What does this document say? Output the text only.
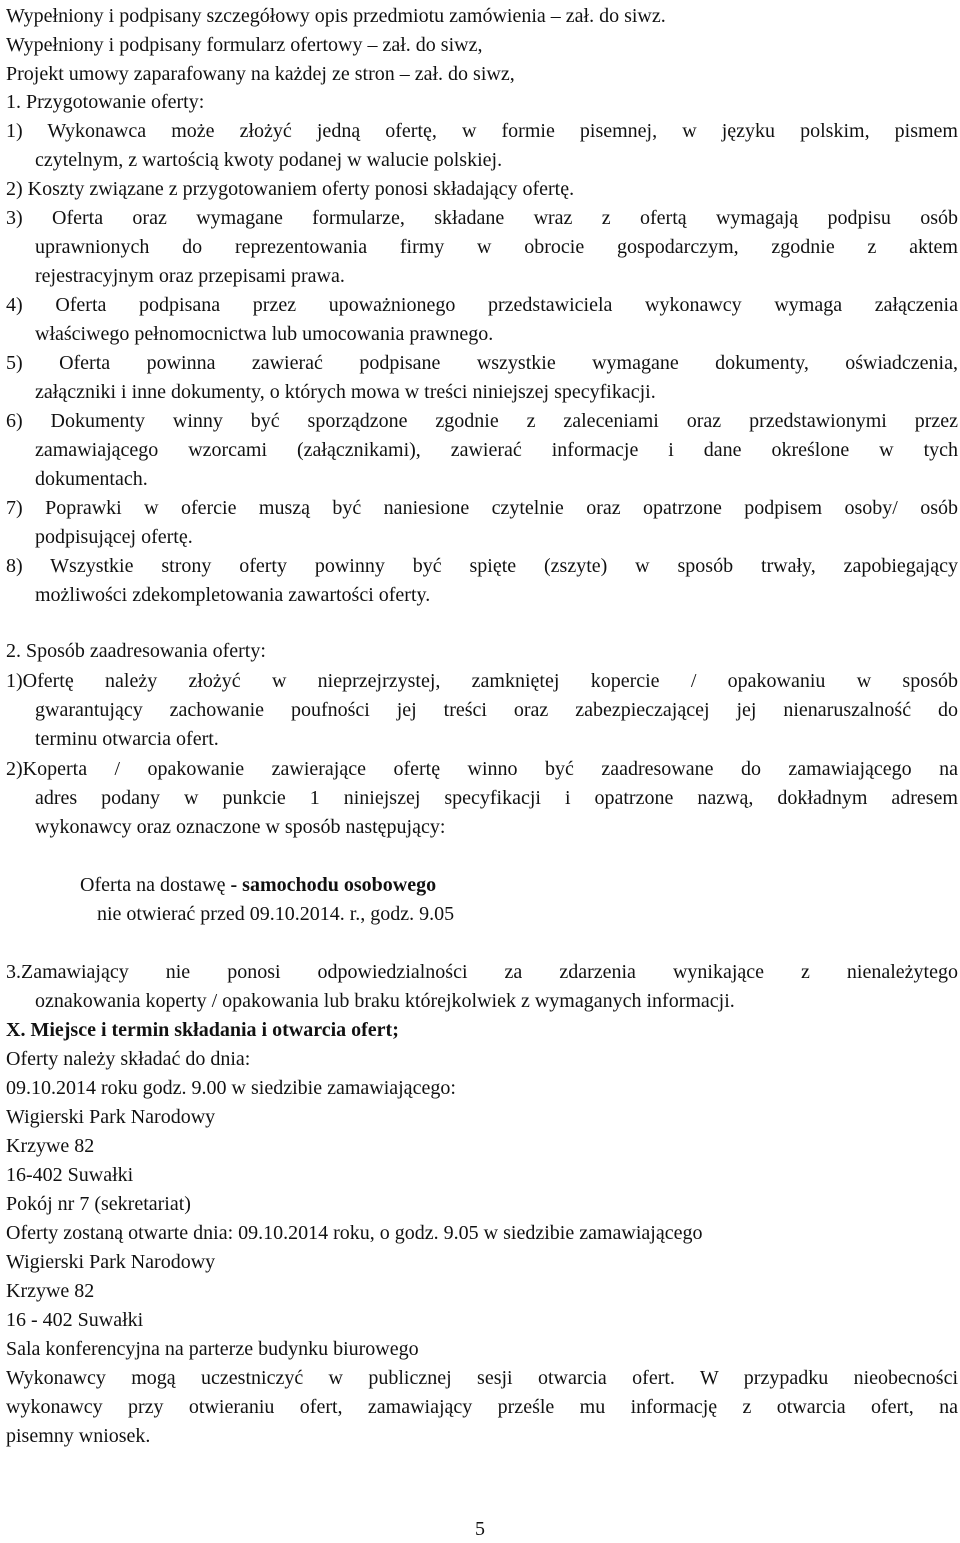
Wypełniony i podpisany szczegółowy opis przedmiotu zamówienia – zał. do siwz.
Wypełniony i podpisany formularz ofertowy – zał. do siwz,
Projekt umowy zaparafowany na każdej ze stron – zał. do siwz,
1. Przygotowanie oferty:
1) Wykonawca może złożyć jedną ofertę, w formie pisemnej, w języku polskim, pismem
czytelnym, z wartością kwoty podanej w walucie polskiej.
2) Koszty związane z przygotowaniem oferty ponosi składający ofertę.
3) Oferta oraz wymagane formularze, składane wraz z ofertą wymagają podpisu osób
uprawnionych do reprezentowania firmy w obrocie gospodarczym, zgodnie z aktem
rejestracyjnym oraz przepisami prawa.
4) Oferta podpisana przez upoważnionego przedstawiciela wykonawcy wymaga załączenia
właściwego pełnomocnictwa lub umocowania prawnego.
5) Oferta powinna zawierać podpisane wszystkie wymagane dokumenty, oświadczenia,
załączniki i inne dokumenty, o których mowa w treści niniejszej specyfikacji.
6) Dokumenty winny być sporządzone zgodnie z zaleceniami oraz przedstawionymi przez
zamawiającego wzorcami (załącznikami), zawierać informacje i dane określone w tych
dokumentach.
7) Poprawki w ofercie muszą być naniesione czytelnie oraz opatrzone podpisem osoby/ osób
podpisującej ofertę.
8) Wszystkie strony oferty powinny być spięte (zszyte) w sposób trwały, zapobiegający
możliwości zdekompletowania zawartości oferty.
2. Sposób zaadresowania oferty:
1)Ofertę należy złożyć w nieprzejrzystej, zamkniętej kopercie / opakowaniu w sposób
gwarantujący zachowanie poufności jej treści oraz zabezpieczającej jej nienaruszalność do
terminu otwarcia ofert.
2)Koperta / opakowanie zawierające ofertę winno być zaadresowane do zamawiającego na
adres podany w punkcie 1 niniejszej specyfikacji i opatrzone nazwą, dokładnym adresem
wykonawcy oraz oznaczone w sposób następujący:
Oferta na dostawę - samochodu osobowego
nie otwierać przed 09.10.2014. r., godz. 9.05
3.Zamawiający nie ponosi odpowiedzialności za zdarzenia wynikające z nienależytego
oznakowania koperty / opakowania lub braku którejkolwiek z wymaganych informacji.
X. Miejsce i termin składania i otwarcia ofert;
Oferty należy składać do dnia:
09.10.2014 roku godz. 9.00 w siedzibie zamawiającego:
Wigierski Park Narodowy
Krzywe 82
16-402 Suwałki
Pokój nr 7 (sekretariat)
Oferty zostaną otwarte dnia: 09.10.2014 roku, o godz. 9.05 w siedzibie zamawiającego
Wigierski Park Narodowy
Krzywe 82
16 - 402 Suwałki
Sala konferencyjna na parterze budynku biurowego
Wykonawcy mogą uczestniczyć w publicznej sesji otwarcia ofert. W przypadku nieobecności
wykonawcy przy otwieraniu ofert, zamawiający prześle mu informację z otwarcia ofert, na
pisemny wniosek.
5
